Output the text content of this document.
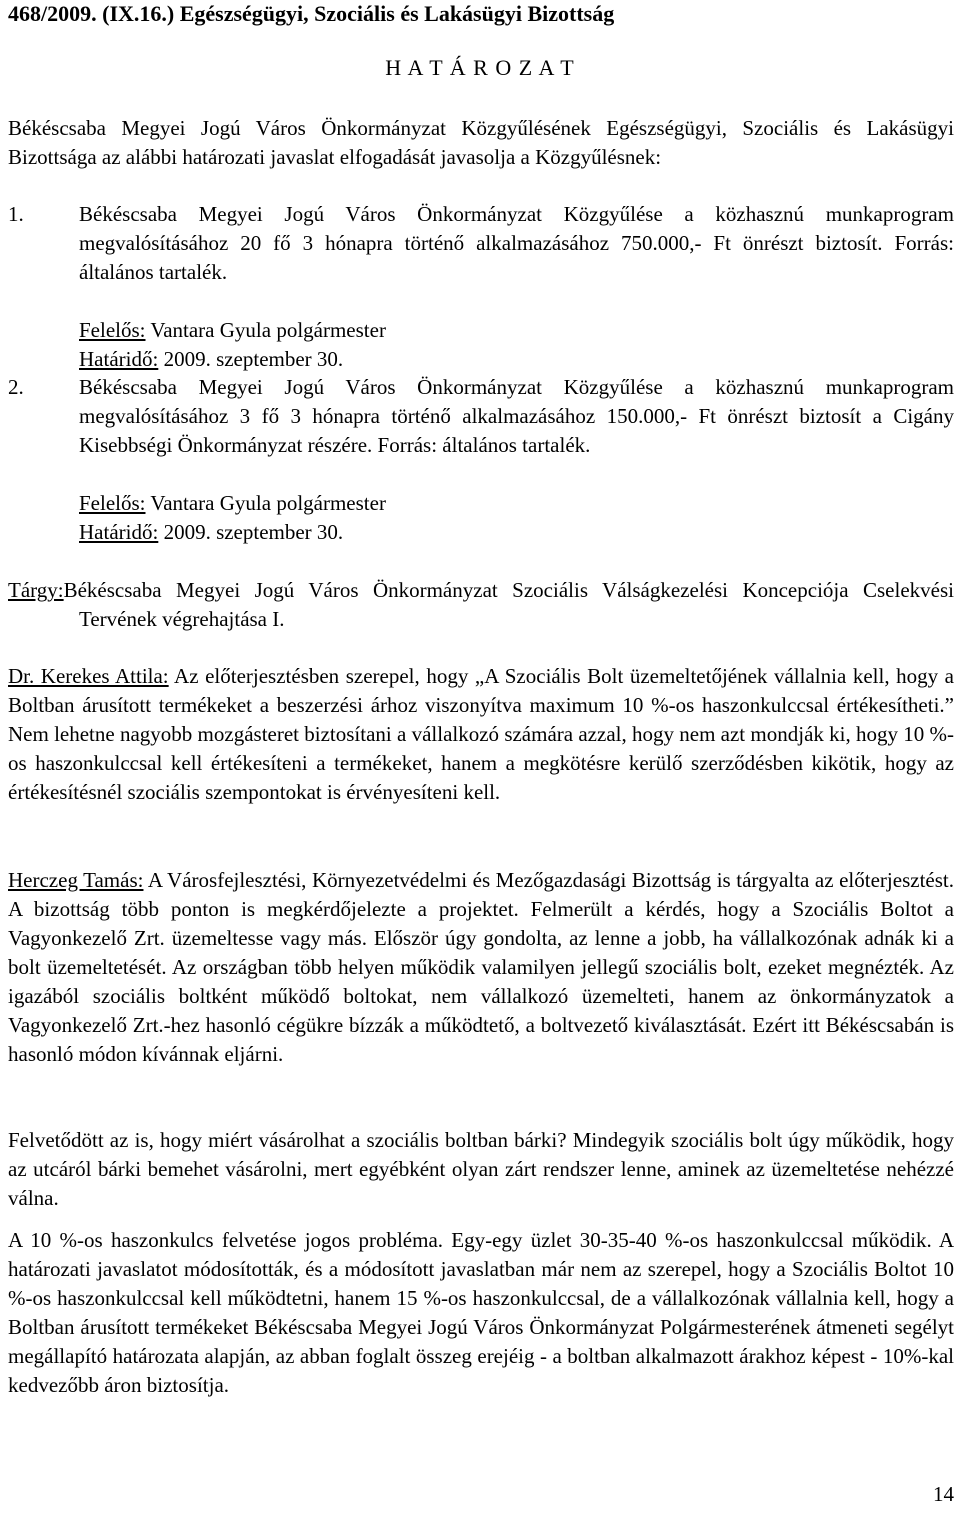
468/2009. (IX.16.) Egészségügyi, Szociális és Lakásügyi Bizottság
H A T Á R O Z A T

Békéscsaba Megyei Jogú Város Önkormányzat Közgyűlésének Egészségügyi, Szociális és Lakásügyi Bizottsága az alábbi határozati javaslat elfogadását javasolja a Közgyűlésnek:

1.	Békéscsaba Megyei Jogú Város Önkormányzat Közgyűlése a közhasznú munkaprogram megvalósításához 20 fő 3 hónapra történő alkalmazásához 750.000,- Ft önrészt biztosít. Forrás: általános tartalék.

Felelős: Vantara Gyula polgármester
Határidő: 2009. szeptember 30.
2.	Békéscsaba Megyei Jogú Város Önkormányzat Közgyűlése a közhasznú munkaprogram megvalósításához 3 fő 3 hónapra történő alkalmazásához 150.000,- Ft önrészt biztosít a Cigány Kisebbségi Önkormányzat részére. Forrás: általános tartalék.

Felelős: Vantara Gyula polgármester
Határidő: 2009. szeptember 30.

Tárgy:Békéscsaba Megyei Jogú Város Önkormányzat Szociális Válságkezelési Koncepciója Cselekvési Tervének végrehajtása I.

Dr. Kerekes Attila: Az előterjesztésben szerepel, hogy „A Szociális Bolt üzemeltetőjének vállalnia kell, hogy a Boltban árusított termékeket a beszerzési árhoz viszonyítva maximum 10 %-os haszonkulccsal értékesítheti.” Nem lehetne nagyobb mozgásteret biztosítani a vállalkozó számára azzal, hogy nem azt mondják ki, hogy 10 %-os haszonkulccsal kell értékesíteni a termékeket, hanem a megkötésre kerülő szerződésben kikötik, hogy az értékesítésnél szociális szempontokat is érvényesíteni kell.

Herczeg Tamás: A Városfejlesztési, Környezetvédelmi és Mezőgazdasági Bizottság is tárgyalta az előterjesztést. A bizottság több ponton is megkérdőjelezte a projektet. Felmerült a kérdés, hogy a Szociális Boltot a Vagyonkezelő Zrt. üzemeltesse vagy más. Először úgy gondolta, az lenne a jobb, ha vállalkozónak adnák ki a bolt üzemeltetését. Az országban több helyen működik valamilyen jellegű szociális bolt, ezeket megnézték. Az igazából szociális boltként működő boltokat, nem vállalkozó üzemelteti, hanem az önkormányzatok a Vagyonkezelő Zrt.-hez hasonló cégükre bízzák a működtető, a boltvezető kiválasztását. Ezért itt Békéscsabán is hasonló módon kívánnak eljárni.

Felvetődött az is, hogy miért vásárolhat a szociális boltban bárki? Mindegyik szociális bolt úgy működik, hogy az utcáról bárki bemehet vásárolni, mert egyébként olyan zárt rendszer lenne, aminek az üzemeltetése nehézzé válna.

A 10 %-os haszonkulcs felvetése jogos probléma. Egy-egy üzlet 30-35-40 %-os haszonkulccsal működik. A határozati javaslatot módosították, és a módosított javaslatban már nem az szerepel, hogy a Szociális Boltot 10 %-os haszonkulccsal kell működtetni, hanem 15 %-os haszonkulccsal, de a vállalkozónak vállalnia kell, hogy a Boltban árusított termékeket Békéscsaba Megyei Jogú Város Önkormányzat Polgármesterének átmeneti segélyt megállapító határozata alapján, az abban foglalt összeg erejéig - a boltban alkalmazott árakhoz képest - 10%-kal kedvezőbb áron biztosítja.

14
